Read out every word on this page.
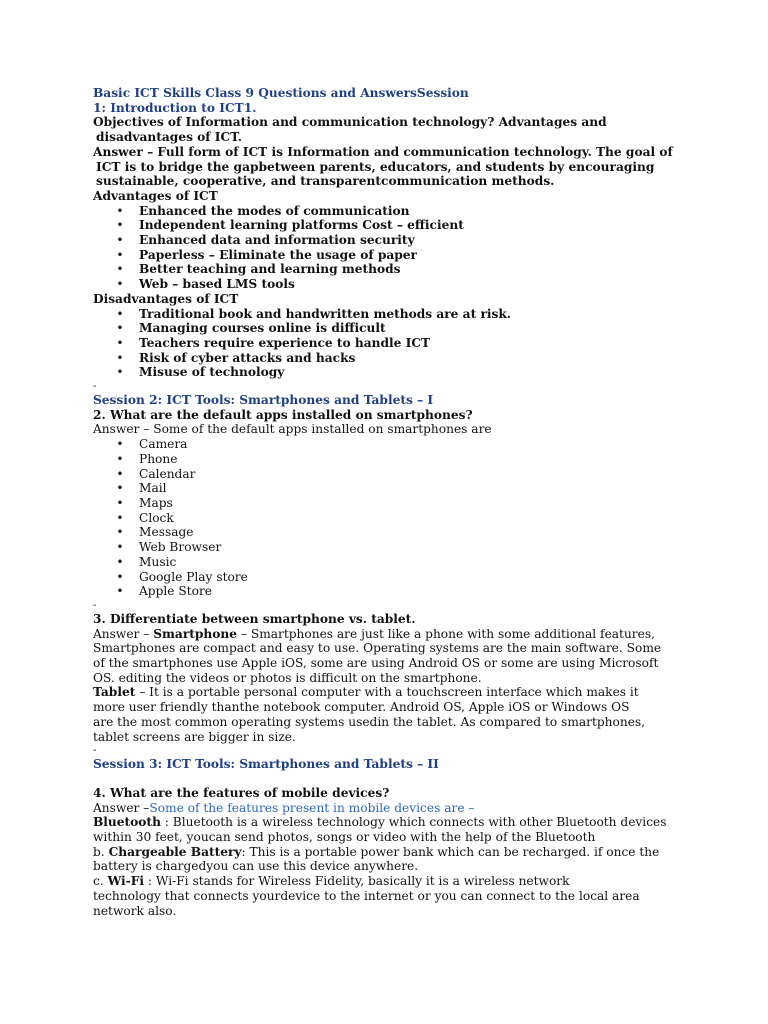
Basic ICT Skills Class 9 Questions and AnswersSession
1: Introduction to ICT1.
Objectives of Information and communication technology? Advantages and
disadvantages of ICT.
Answer – Full form of ICT is Information and communication technology. The goal of
ICT is to bridge the gapbetween parents, educators, and students by encouraging
sustainable, cooperative, and transparentcommunication methods.
Advantages of ICT
• Enhanced the modes of communication
• Independent learning platforms Cost – efficient
• Enhanced data and information security
• Paperless – Eliminate the usage of paper
• Better teaching and learning methods
• Web – based LMS tools
Disadvantages of ICT
• Traditional book and handwritten methods are at risk.
• Managing courses online is difficult
• Teachers require experience to handle ICT
• Risk of cyber attacks and hacks
• Misuse of technology
-
Session 2: ICT Tools: Smartphones and Tablets – I
2. What are the default apps installed on smartphones?
Answer – Some of the default apps installed on smartphones are
• Camera
• Phone
• Calendar
• Mail
• Maps
• Clock
• Message
• Web Browser
• Music
• Google Play store
• Apple Store
-
3. Differentiate between smartphone vs. tablet.
Answer – Smartphone – Smartphones are just like a phone with some additional features,
Smartphones are compact and easy to use. Operating systems are the main software. Some
of the smartphones use Apple iOS, some are using Android OS or some are using Microsoft
OS. editing the videos or photos is difficult on the smartphone.
Tablet – It is a portable personal computer with a touchscreen interface which makes it
more user friendly thanthe notebook computer. Android OS, Apple iOS or Windows OS
are the most common operating systems usedin the tablet. As compared to smartphones,
tablet screens are bigger in size.
-
Session 3: ICT Tools: Smartphones and Tablets – II
4. What are the features of mobile devices?
Answer –Some of the features present in mobile devices are –
Bluetooth : Bluetooth is a wireless technology which connects with other Bluetooth devices
within 30 feet, youcan send photos, songs or video with the help of the Bluetooth
b. Chargeable Battery: This is a portable power bank which can be recharged. if once the
battery is chargedyou can use this device anywhere.
c. Wi-Fi : Wi-Fi stands for Wireless Fidelity, basically it is a wireless network
technology that connects yourdevice to the internet or you can connect to the local area
network also.
